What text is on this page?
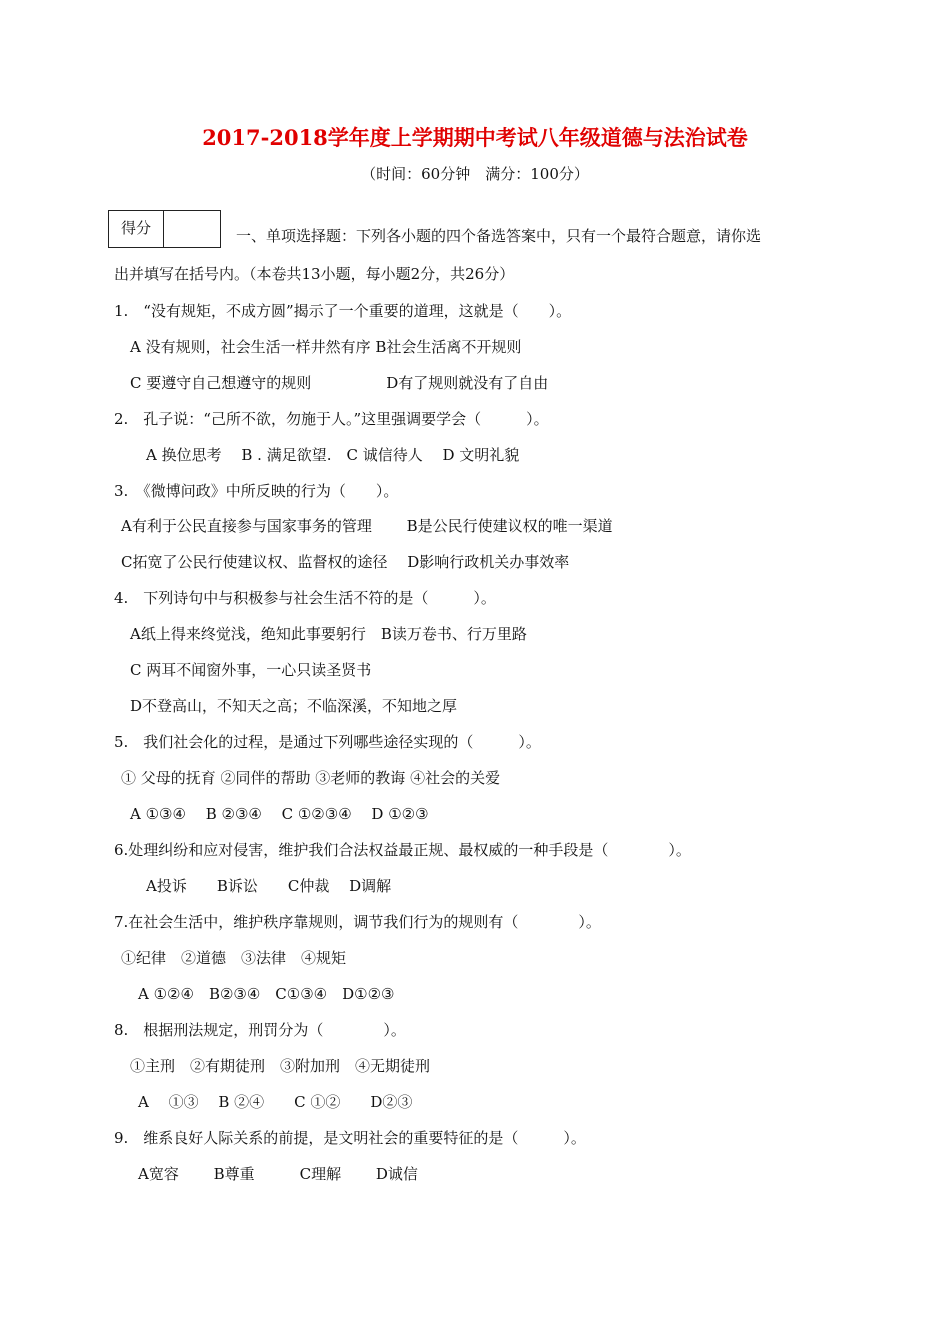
2017-2018学年度上学期期中考试八年级道德与法治试卷
（时间：60分钟　满分：100分）
得分	一、单项选择题：下列各小题的四个备选答案中，只有一个最符合题意，请你选
出并填写在括号内。（本卷共13小题，每小题2分，共26分）
1.　“没有规矩，不成方圆”揭示了一个重要的道理，这就是（　　）。
A 没有规则，社会生活一样井然有序 B社会生活离不开规则
C 要遵守自己想遵守的规则　　　　　D有了规则就没有了自由
2.　孔子说：“己所不欲，勿施于人。”这里强调要学会（　　　）。
A 换位思考　 B . 满足欲望.　C 诚信待人　 D 文明礼貌
3.　《微博问政》中所反映的行为（　　）。
A有利于公民直接参与国家事务的管理　　 B是公民行使建议权的唯一渠道
C拓宽了公民行使建议权、监督权的途径　 D影响行政机关办事效率
4.　下列诗句中与积极参与社会生活不符的是（　　　）。
A纸上得来终觉浅，绝知此事要躬行　B读万卷书、行万里路
C 两耳不闻窗外事，一心只读圣贤书
D不登高山，不知天之高；不临深溪，不知地之厚
5.　我们社会化的过程，是通过下列哪些途径实现的（　　　）。
① 父母的抚育 ②同伴的帮助 ③老师的教诲 ④社会的关爱
A ①③④　 B ②③④　 C ①②③④　 D ①②③
6.处理纠纷和应对侵害，维护我们合法权益最正规、最权威的一种手段是（　　　　）。
A投诉　　B诉讼　　C仲裁　 D调解
7.在社会生活中，维护秩序靠规则，调节我们行为的规则有（　　　　）。
①纪律　②道德　③法律　④规矩
A ①②④　B②③④　C①③④　D①②③
8.　根据刑法规定，刑罚分为（　　　　）。
①主刑　②有期徒刑　③附加刑　④无期徒刑
A　 ①③　 B ②④　　C ①②　　D②③
9.　维系良好人际关系的前提，是文明社会的重要特征的是（　　　）。
A宽容　　 B尊重　　　C理解　　 D诚信
